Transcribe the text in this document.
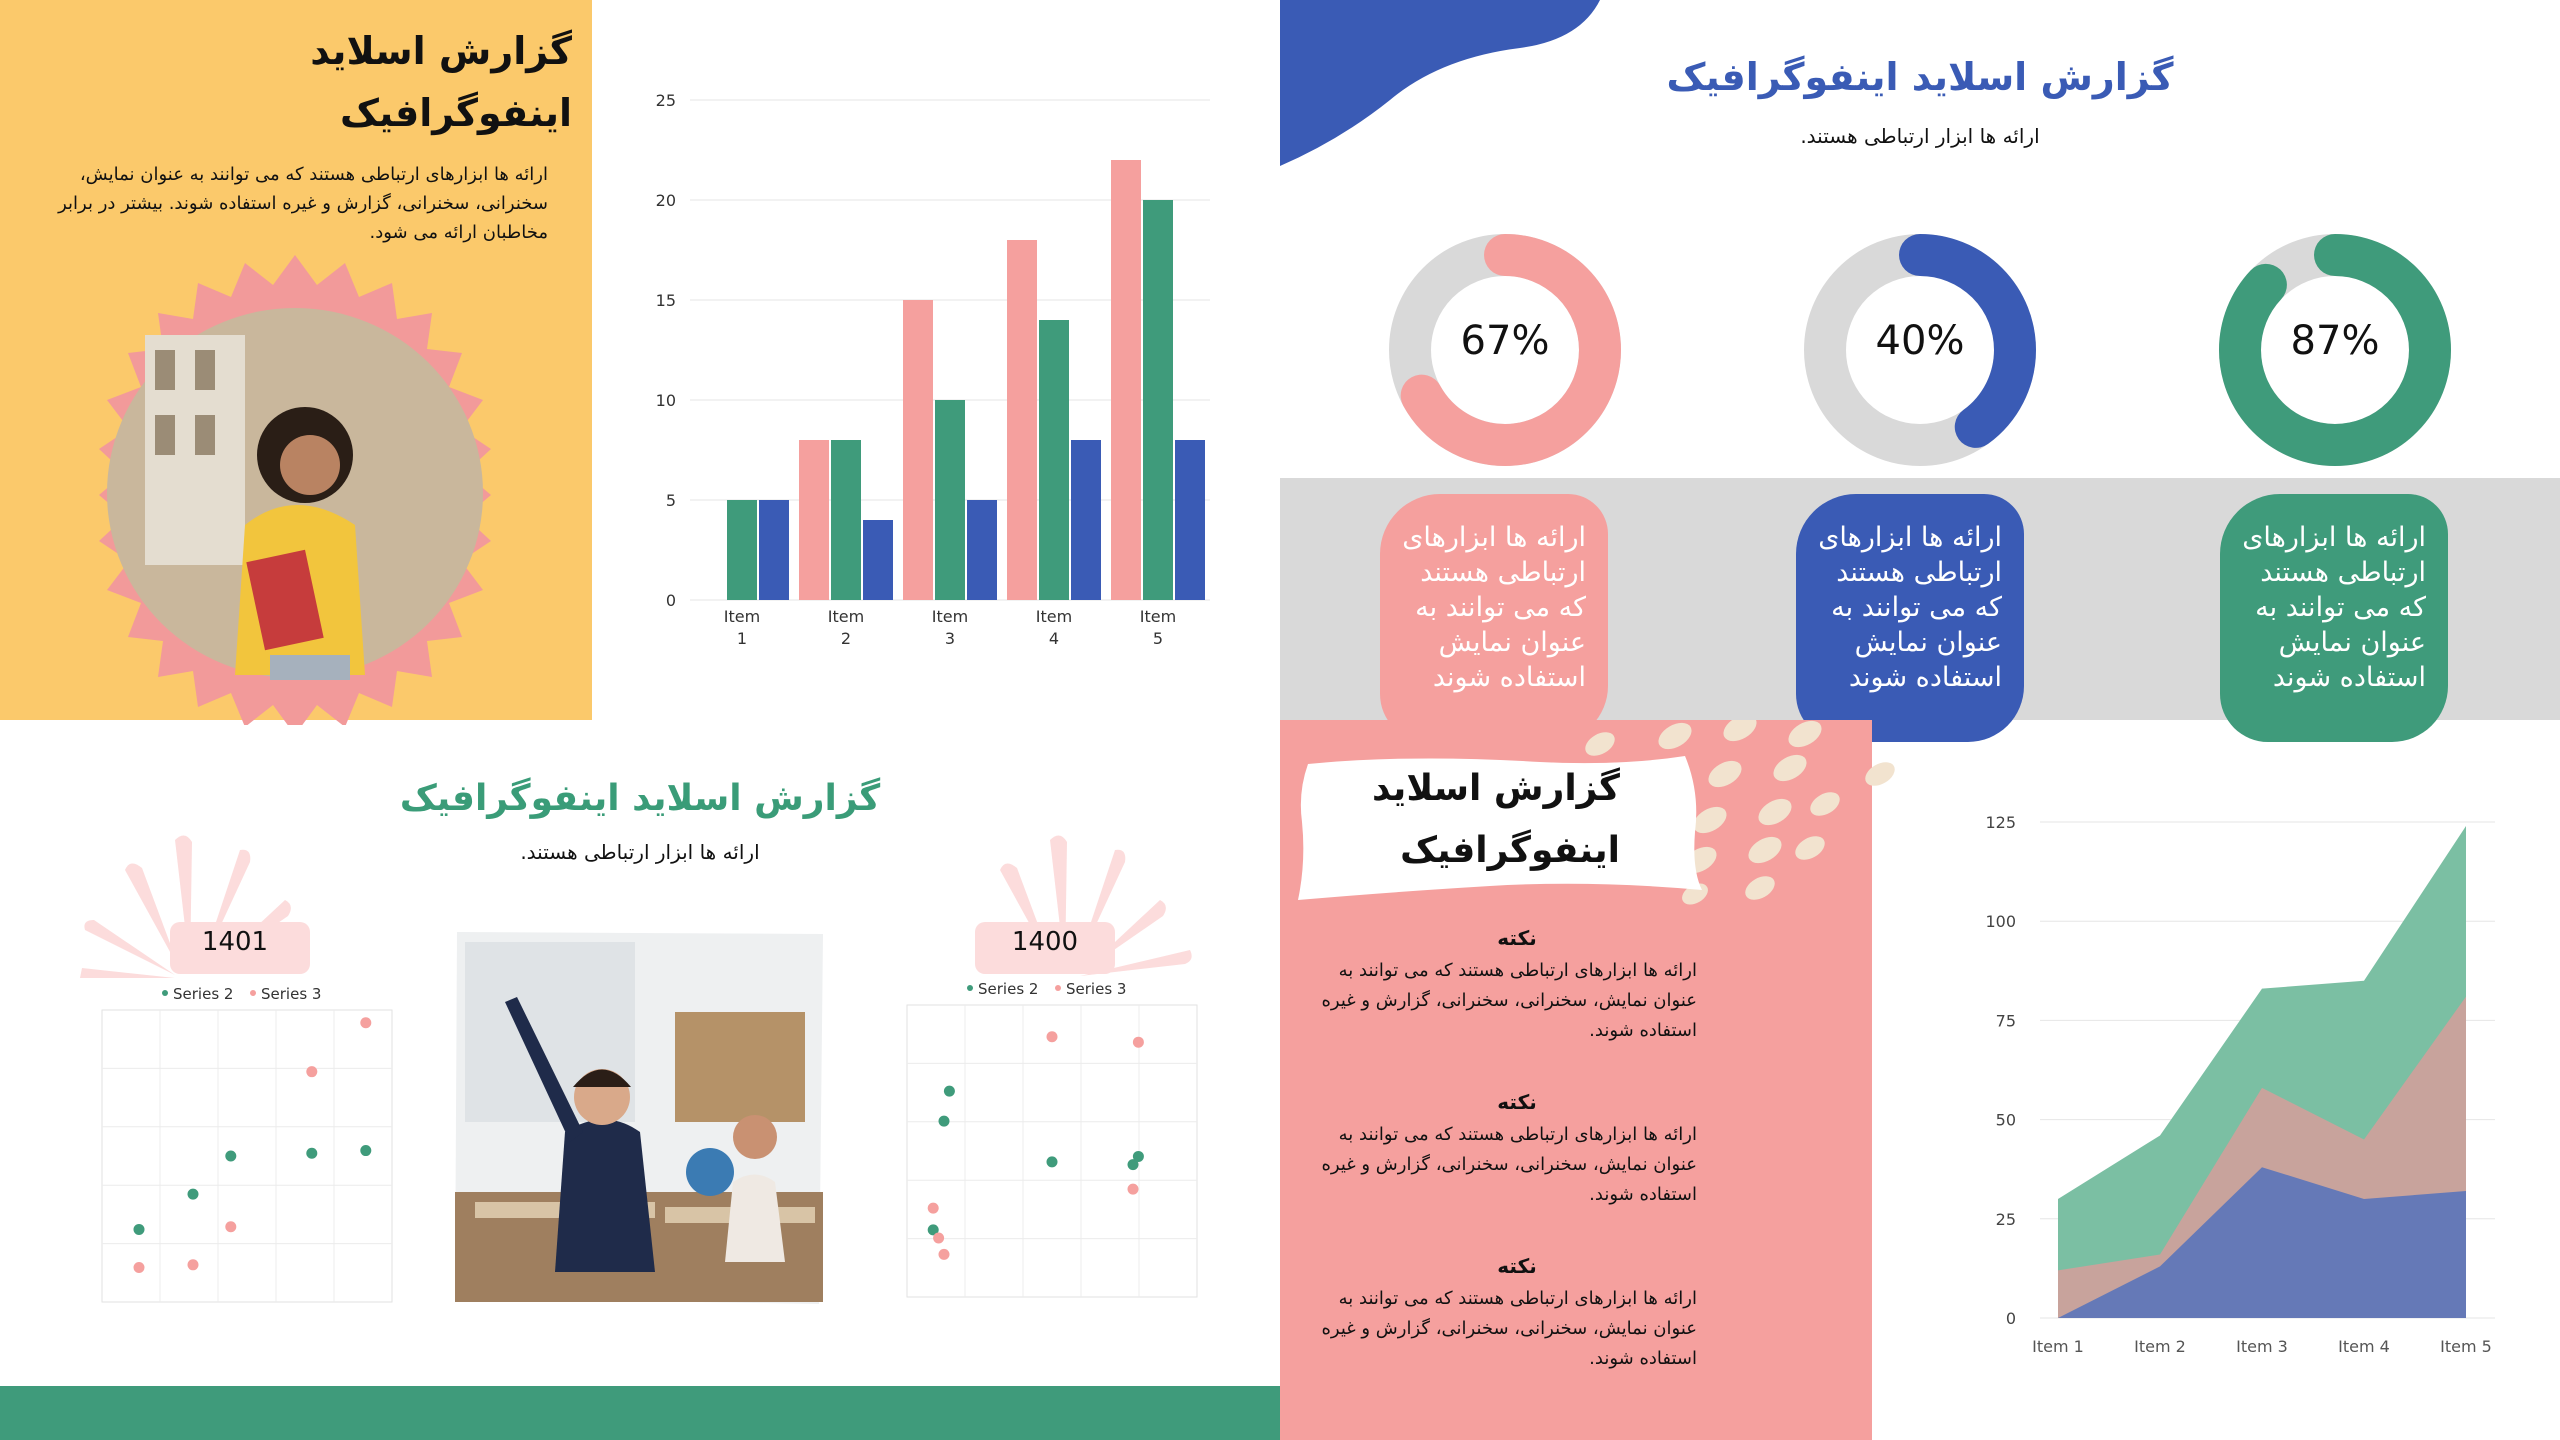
گزارش اسلاید
اینفوگرافیک
ارائه ها ابزارهای ارتباطی هستند که می توانند به عنوان نمایش، سخنرانی، سخنرانی، گزارش و غیره استفاده شوند. بیشتر در برابر مخاطبان ارائه می شود.
0
5
10
15
20
25
Item
1
Item
2
Item
3
Item
4
Item
5
گزارش اسلاید اینفوگرافیک
ارائه ها ابزار ارتباطی هستند.
67%	40%	87%
ارائه ها ابزارهای ارتباطی هستند که می توانند به عنوان نمایش استفاده شوند
ارائه ها ابزارهای ارتباطی هستند که می توانند به عنوان نمایش استفاده شوند
ارائه ها ابزارهای ارتباطی هستند که می توانند به عنوان نمایش استفاده شوند
گزارش اسلاید اینفوگرافیک
ارائه ها ابزار ارتباطی هستند.
1401	1400
Series 2 Series 3	Series 2 Series 3
گزارش اسلاید
اینفوگرافیک
نکته
ارائه ها ابزارهای ارتباطی هستند که می توانند به عنوان نمایش، سخنرانی، سخنرانی، گزارش و غیره استفاده شوند.
نکته
ارائه ها ابزارهای ارتباطی هستند که می توانند به عنوان نمایش، سخنرانی، سخنرانی، گزارش و غیره استفاده شوند.
نکته
ارائه ها ابزارهای ارتباطی هستند که می توانند به عنوان نمایش، سخنرانی، سخنرانی، گزارش و غیره استفاده شوند.
0
25
50
75
100
125
Item 1	Item 2	Item 3	Item 4	Item 5
